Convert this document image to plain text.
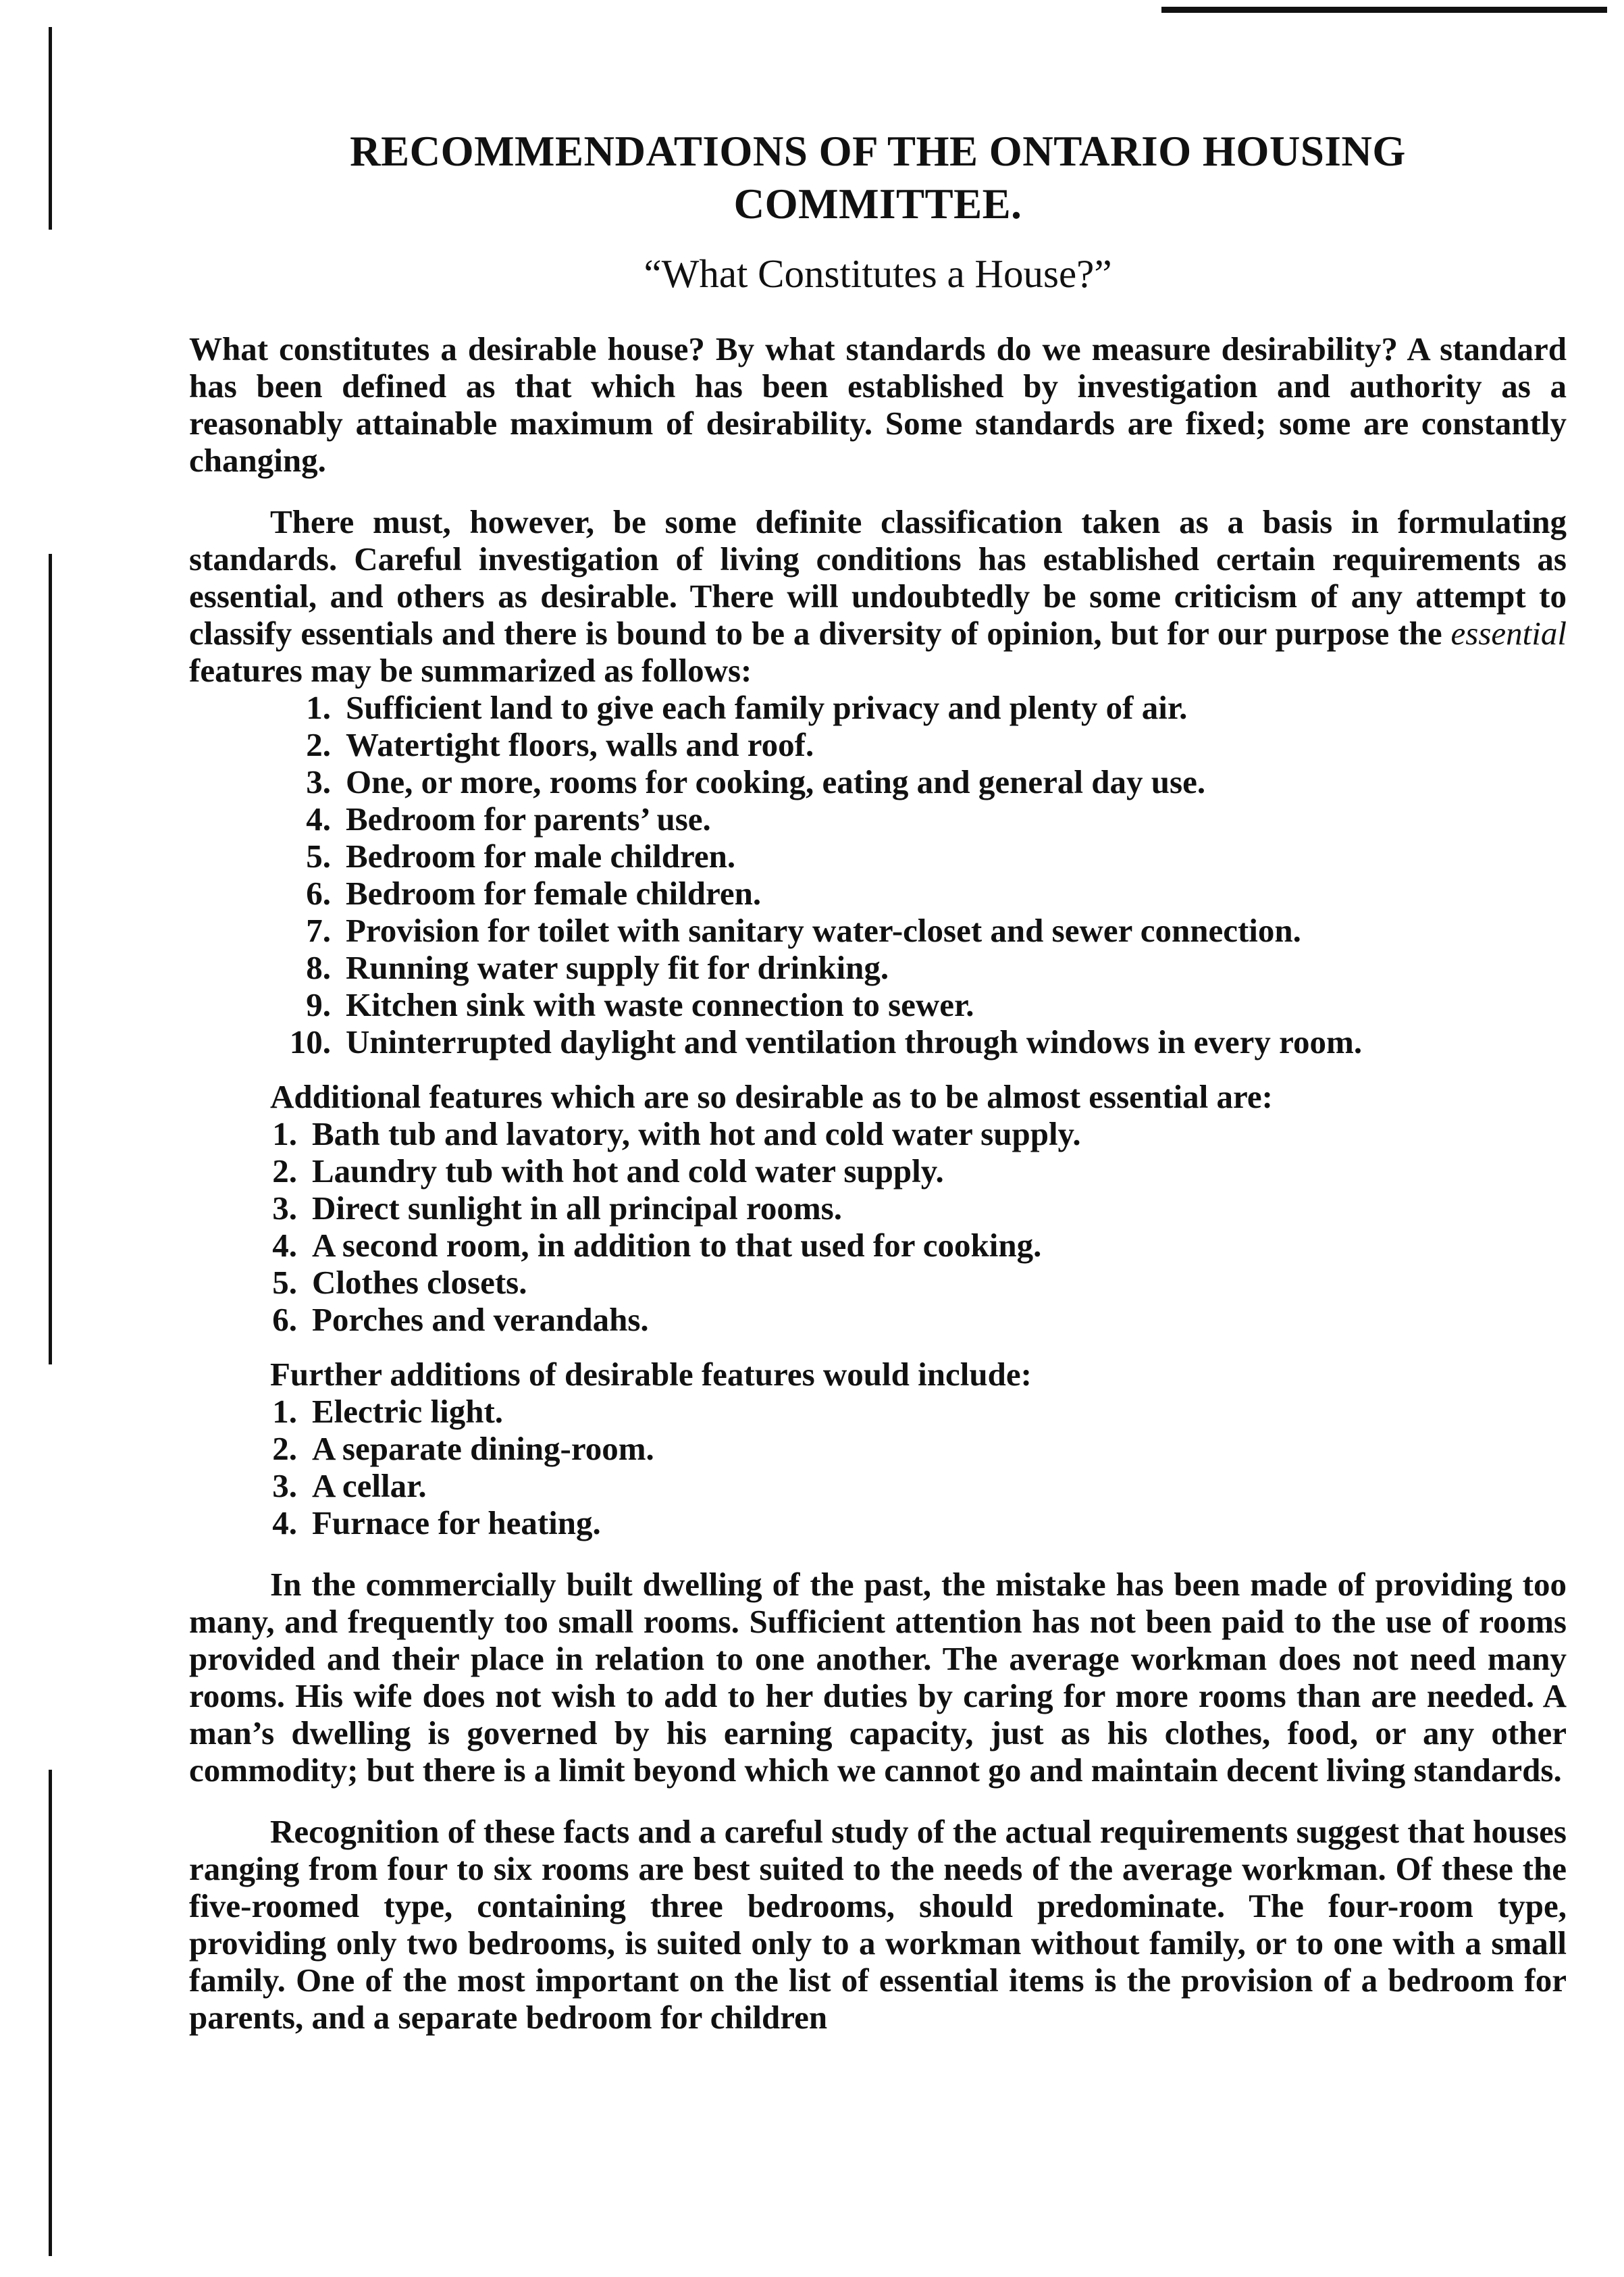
RECOMMENDATIONS OF THE ONTARIO HOUSING
COMMITTEE.
“What Constitutes a House?”

What constitutes a desirable house? By what standards do we measure desirability? A standard has been defined as that which has been established by investigation and authority as a reasonably attainable maximum of desirability. Some standards are fixed; some are constantly changing.

There must, however, be some definite classification taken as a basis in formulating standards. Careful investigation of living conditions has established certain requirements as essential, and others as desirable. There will undoubtedly be some criticism of any attempt to classify essentials and there is bound to be a diversity of opinion, but for our purpose the essential features may be summarized as follows:

1. Sufficient land to give each family privacy and plenty of air.
2. Watertight floors, walls and roof.
3. One, or more, rooms for cooking, eating and general day use.
4. Bedroom for parents’ use.
5. Bedroom for male children.
6. Bedroom for female children.
7. Provision for toilet with sanitary water-closet and sewer connection.
8. Running water supply fit for drinking.
9. Kitchen sink with waste connection to sewer.
10. Uninterrupted daylight and ventilation through windows in every room.

Additional features which are so desirable as to be almost essential are:

1. Bath tub and lavatory, with hot and cold water supply.
2. Laundry tub with hot and cold water supply.
3. Direct sunlight in all principal rooms.
4. A second room, in addition to that used for cooking.
5. Clothes closets.
6. Porches and verandahs.

Further additions of desirable features would include:

1. Electric light.
2. A separate dining-room.
3. A cellar.
4. Furnace for heating.

In the commercially built dwelling of the past, the mistake has been made of providing too many, and frequently too small rooms. Sufficient attention has not been paid to the use of rooms provided and their place in relation to one another. The average workman does not need many rooms. His wife does not wish to add to her duties by caring for more rooms than are needed. A man’s dwelling is governed by his earning capacity, just as his clothes, food, or any other commodity; but there is a limit beyond which we cannot go and maintain decent living standards.

Recognition of these facts and a careful study of the actual requirements suggest that houses ranging from four to six rooms are best suited to the needs of the average workman. Of these the five-roomed type, containing three bedrooms, should predominate. The four-room type, providing only two bedrooms, is suited only to a workman without family, or to one with a small family. One of the most important on the list of essential items is the provision of a bedroom for parents, and a separate bedroom for children
